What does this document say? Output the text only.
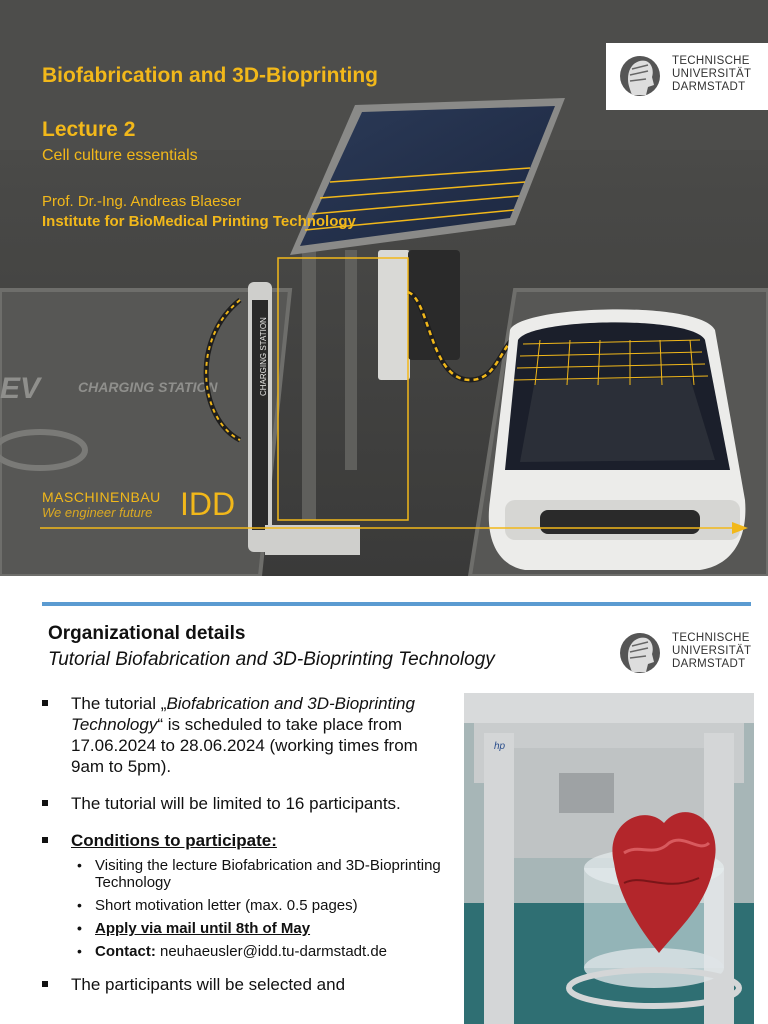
EV	CHARGING STATION	CHARGING STATION
Biofabrication and 3D-Bioprinting
Lecture 2
Cell culture essentials
Prof. Dr.-Ing. Andreas Blaeser
Institute for BioMedical Printing Technology
TECHNISCHE
UNIVERSITÄT
DARMSTADT
MASCHINENBAU
We engineer future IDD
Organizational details
Tutorial Biofabrication and 3D-Bioprinting Technology
TECHNISCHE
UNIVERSITÄT
DARMSTADT
The tutorial „Biofabrication and 3D-Bioprinting Technology“ is scheduled to take place from 17.06.2024 to 28.06.2024 (working times from 9am to 5pm).
The tutorial will be limited to 16 participants.
Conditions to participate:
• Visiting the lecture Biofabrication and 3D-Bioprinting Technology
• Short motivation letter (max. 0.5 pages)
• Apply via mail until 8th of May
• Contact: neuhaeusler@idd.tu-darmstadt.de
The participants will be selected and
hp
